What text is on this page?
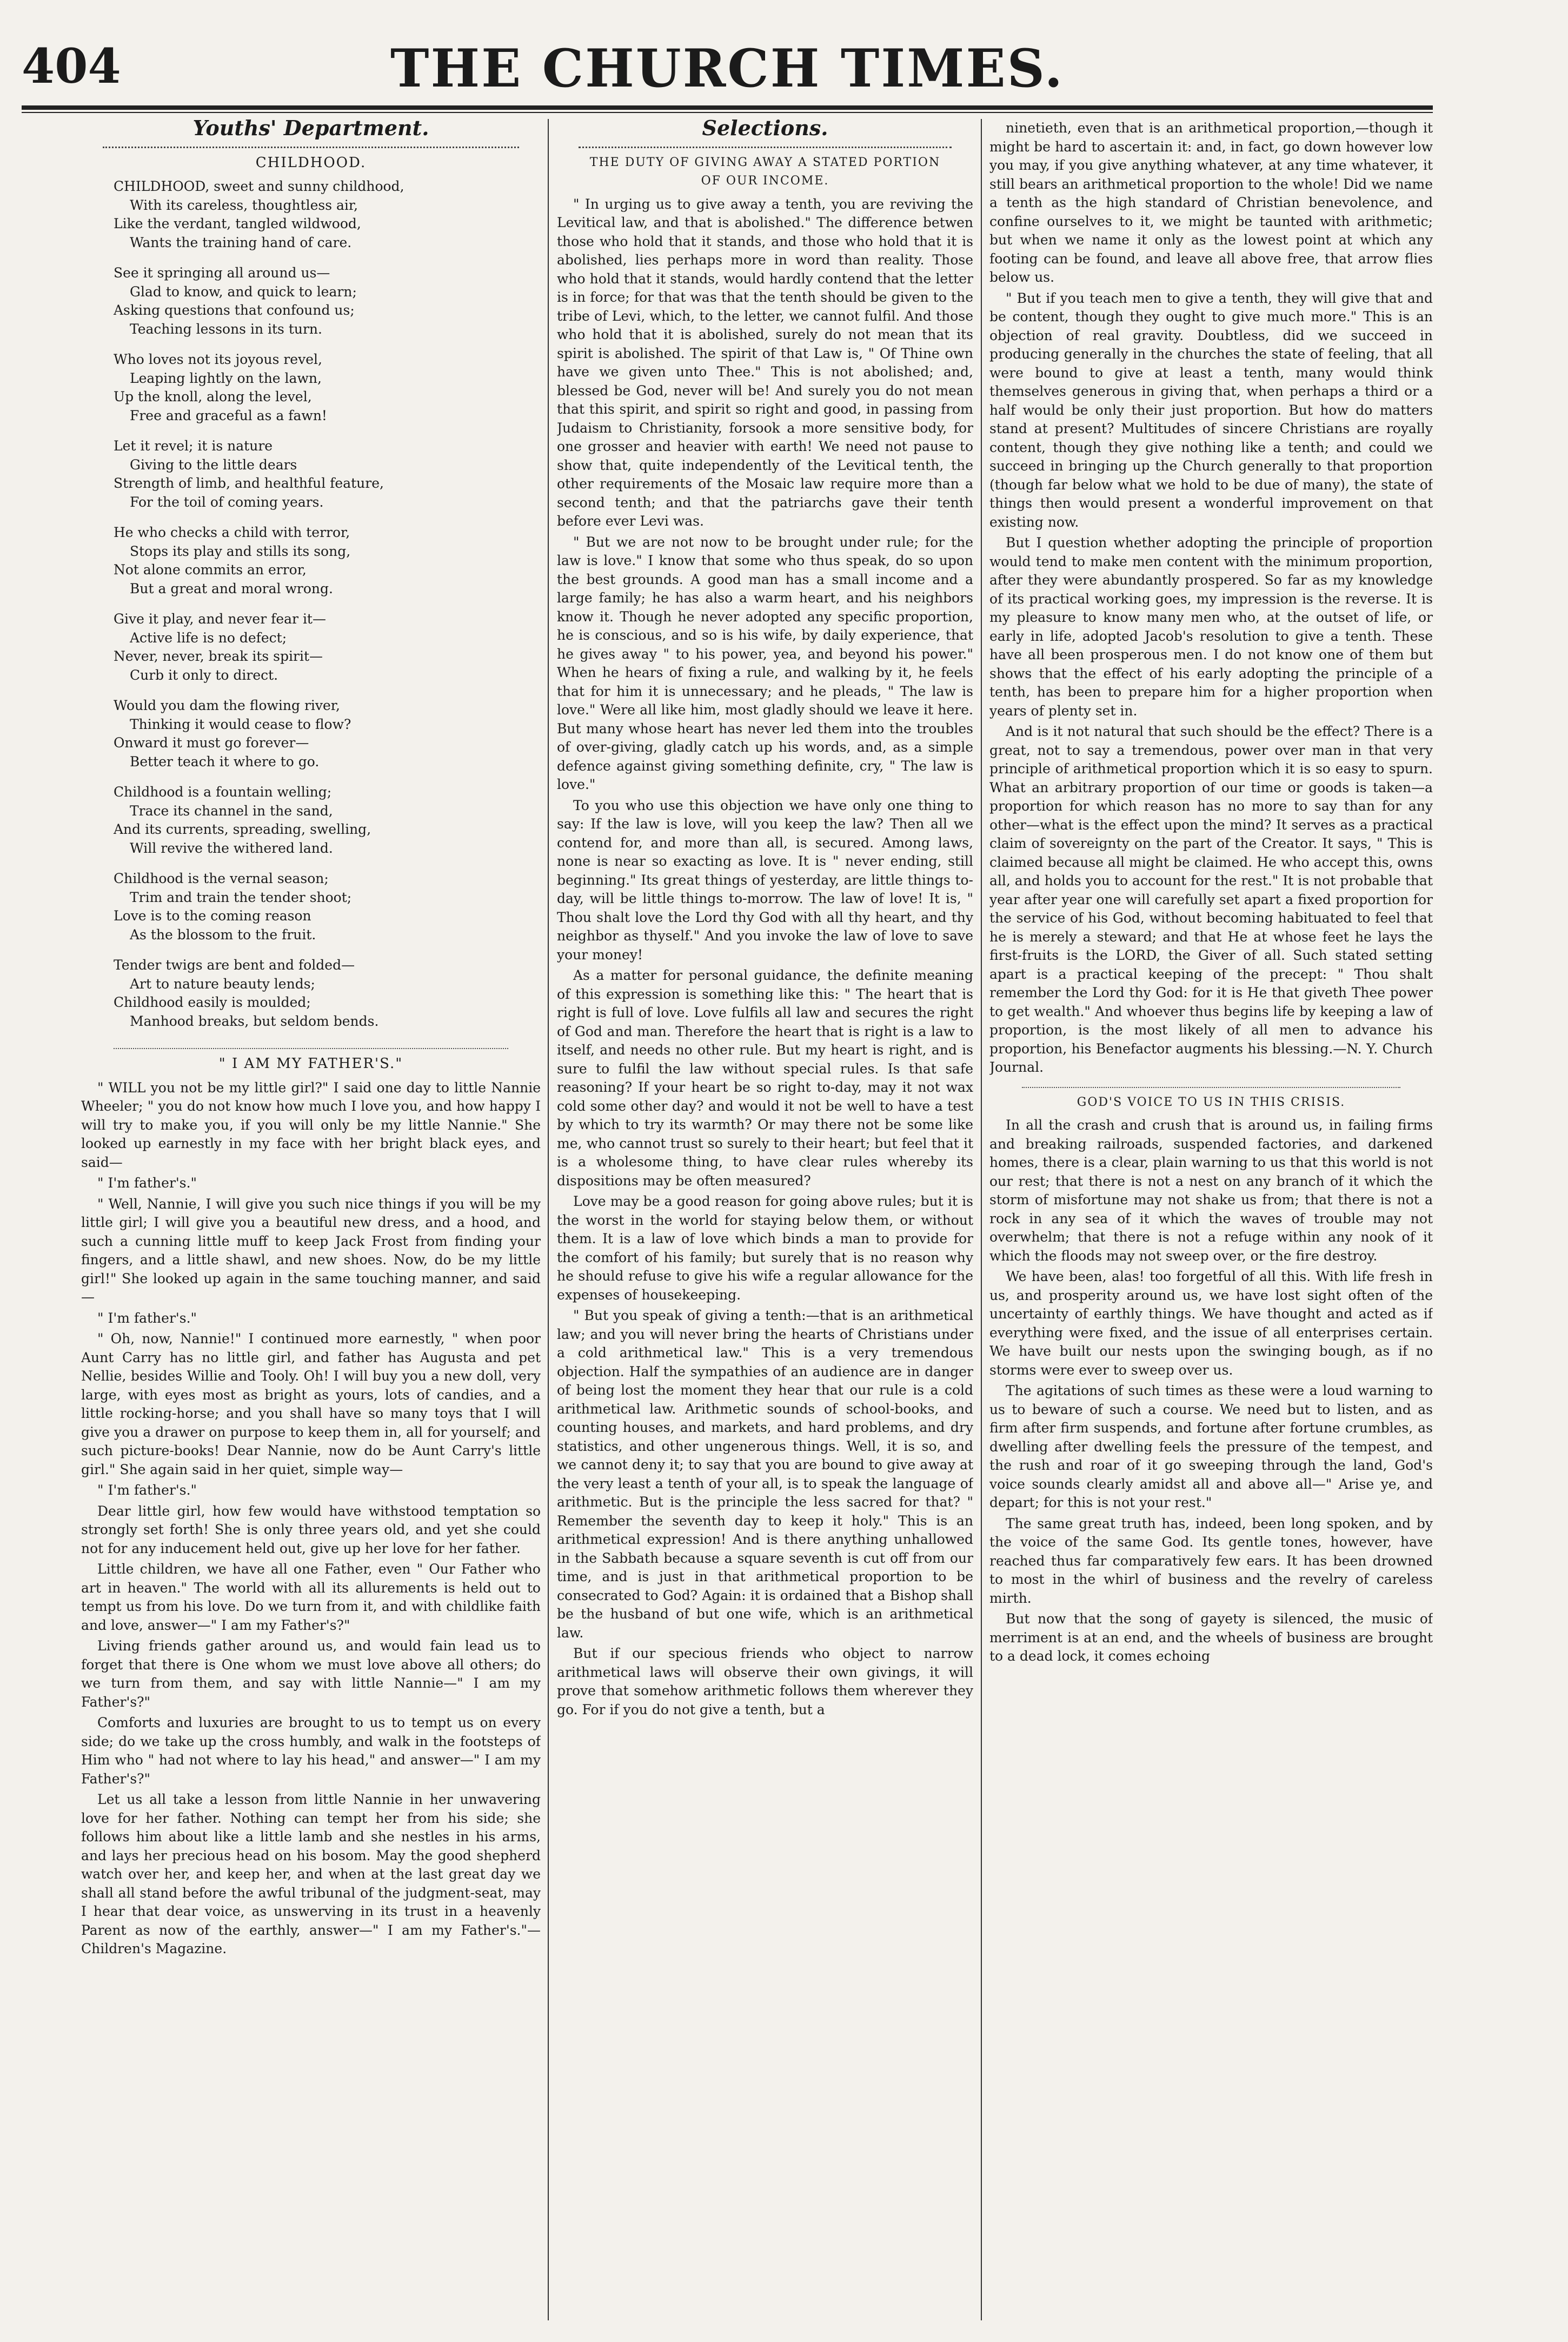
404	THE CHURCH TIMES.
Youths' Department.
CHILDHOOD.
CHILDHOOD, sweet and sunny childhood,
With its careless, thoughtless air,
Like the verdant, tangled wildwood,
Wants the training hand of care.
See it springing all around us—
Glad to know, and quick to learn;
Asking questions that confound us;
Teaching lessons in its turn.
Who loves not its joyous revel,
Leaping lightly on the lawn,
Up the knoll, along the level,
Free and graceful as a fawn!
Let it revel; it is nature
Giving to the little dears
Strength of limb, and healthful feature,
For the toil of coming years.
He who checks a child with terror,
Stops its play and stills its song,
Not alone commits an error,
But a great and moral wrong.
Give it play, and never fear it—
Active life is no defect;
Never, never, break its spirit—
Curb it only to direct.
Would you dam the flowing river,
Thinking it would cease to flow?
Onward it must go forever—
Better teach it where to go.
Childhood is a fountain welling;
Trace its channel in the sand,
And its currents, spreading, swelling,
Will revive the withered land.
Childhood is the vernal season;
Trim and train the tender shoot;
Love is to the coming reason
As the blossom to the fruit.
Tender twigs are bent and folded—
Art to nature beauty lends;
Childhood easily is moulded;
Manhood breaks, but seldom bends.
" I AM MY FATHER'S."

" WILL you not be my little girl?" I said one day to little Nannie Wheeler; " you do not know how much I love you, and how happy I will try to make you, if you will only be my little Nannie." She looked up earnestly in my face with her bright black eyes, and said—

" I'm father's."

" Well, Nannie, I will give you such nice things if you will be my little girl; I will give you a beautiful new dress, and a hood, and such a cunning little muff to keep Jack Frost from finding your fingers, and a little shawl, and new shoes. Now, do be my little girl!" She looked up again in the same touching manner, and said—

" I'm father's."

" Oh, now, Nannie!" I continued more earnestly, " when poor Aunt Carry has no little girl, and father has Augusta and pet Nellie, besides Willie and Tooly. Oh! I will buy you a new doll, very large, with eyes most as bright as yours, lots of candies, and a little rocking-horse; and you shall have so many toys that I will give you a drawer on purpose to keep them in, all for yourself; and such picture-books! Dear Nannie, now do be Aunt Carry's little girl." She again said in her quiet, simple way—

" I'm father's."

Dear little girl, how few would have withstood temptation so strongly set forth! She is only three years old, and yet she could not for any inducement held out, give up her love for her father.

Little children, we have all one Father, even " Our Father who art in heaven." The world with all its allurements is held out to tempt us from his love. Do we turn from it, and with childlike faith and love, answer—" I am my Father's?"

Living friends gather around us, and would fain lead us to forget that there is One whom we must love above all others; do we turn from them, and say with little Nannie—" I am my Father's?"

Comforts and luxuries are brought to us to tempt us on every side; do we take up the cross humbly, and walk in the footsteps of Him who " had not where to lay his head," and answer—" I am my Father's?"

Let us all take a lesson from little Nannie in her unwavering love for her father. Nothing can tempt her from his side; she follows him about like a little lamb and she nestles in his arms, and lays her precious head on his bosom. May the good shepherd watch over her, and keep her, and when at the last great day we shall all stand before the awful tribunal of the judgment-seat, may I hear that dear voice, as unswerving in its trust in a heavenly Parent as now of the earthly, answer—" I am my Father's."—Children's Magazine.

Selections.
THE DUTY OF GIVING AWAY A STATED PORTION
OF OUR INCOME.

" In urging us to give away a tenth, you are reviving the Levitical law, and that is abolished." The difference betwen those who hold that it stands, and those who hold that it is abolished, lies perhaps more in word than reality. Those who hold that it stands, would hardly contend that the letter is in force; for that was that the tenth should be given to the tribe of Levi, which, to the letter, we cannot fulfil. And those who hold that it is abolished, surely do not mean that its spirit is abolished. The spirit of that Law is, " Of Thine own have we given unto Thee." This is not abolished; and, blessed be God, never will be! And surely you do not mean that this spirit, and spirit so right and good, in passing from Judaism to Christianity, forsook a more sensitive body, for one grosser and heavier with earth! We need not pause to show that, quite independently of the Levitical tenth, the other requirements of the Mosaic law require more than a second tenth; and that the patriarchs gave their tenth before ever Levi was.

" But we are not now to be brought under rule; for the law is love." I know that some who thus speak, do so upon the best grounds. A good man has a small income and a large family; he has also a warm heart, and his neighbors know it. Though he never adopted any specific proportion, he is conscious, and so is his wife, by daily experience, that he gives away " to his power, yea, and beyond his power." When he hears of fixing a rule, and walking by it, he feels that for him it is unnecessary; and he pleads, " The law is love." Were all like him, most gladly should we leave it here. But many whose heart has never led them into the troubles of over-giving, gladly catch up his words, and, as a simple defence against giving something definite, cry, " The law is love."

To you who use this objection we have only one thing to say: If the law is love, will you keep the law? Then all we contend for, and more than all, is secured. Among laws, none is near so exacting as love. It is " never ending, still beginning." Its great things of yesterday, are little things to-day, will be little things to-morrow. The law of love! It is, " Thou shalt love the Lord thy God with all thy heart, and thy neighbor as thyself." And you invoke the law of love to save your money!

As a matter for personal guidance, the definite meaning of this expression is something like this: " The heart that is right is full of love. Love fulfils all law and secures the right of God and man. Therefore the heart that is right is a law to itself, and needs no other rule. But my heart is right, and is sure to fulfil the law without special rules. Is that safe reasoning? If your heart be so right to-day, may it not wax cold some other day? and would it not be well to have a test by which to try its warmth? Or may there not be some like me, who cannot trust so surely to their heart; but feel that it is a wholesome thing, to have clear rules whereby its dispositions may be often measured?

Love may be a good reason for going above rules; but it is the worst in the world for staying below them, or without them. It is a law of love which binds a man to provide for the comfort of his family; but surely that is no reason why he should refuse to give his wife a regular allowance for the expenses of housekeeping.

" But you speak of giving a tenth:—that is an arithmetical law; and you will never bring the hearts of Christians under a cold arithmetical law." This is a very tremendous objection. Half the sympathies of an audience are in danger of being lost the moment they hear that our rule is a cold arithmetical law. Arithmetic sounds of school-books, and counting houses, and markets, and hard problems, and dry statistics, and other ungenerous things. Well, it is so, and we cannot deny it; to say that you are bound to give away at the very least a tenth of your all, is to speak the language of arithmetic. But is the principle the less sacred for that? " Remember the seventh day to keep it holy." This is an arithmetical expression! And is there anything unhallowed in the Sabbath because a square seventh is cut off from our time, and is just in that arithmetical proportion to be consecrated to God? Again: it is ordained that a Bishop shall be the husband of but one wife, which is an arithmetical law.

But if our specious friends who object to narrow arithmetical laws will observe their own givings, it will prove that somehow arithmetic follows them wherever they go. For if you do not give a tenth, but a

ninetieth, even that is an arithmetical proportion,—though it might be hard to ascertain it: and, in fact, go down however low you may, if you give anything whatever, at any time whatever, it still bears an arithmetical proportion to the whole! Did we name a tenth as the high standard of Christian benevolence, and confine ourselves to it, we might be taunted with arithmetic; but when we name it only as the lowest point at which any footing can be found, and leave all above free, that arrow flies below us.

" But if you teach men to give a tenth, they will give that and be content, though they ought to give much more." This is an objection of real gravity. Doubtless, did we succeed in producing generally in the churches the state of feeling, that all were bound to give at least a tenth, many would think themselves generous in giving that, when perhaps a third or a half would be only their just proportion. But how do matters stand at present? Multitudes of sincere Christians are royally content, though they give nothing like a tenth; and could we succeed in bringing up the Church generally to that proportion (though far below what we hold to be due of many), the state of things then would present a wonderful improvement on that existing now.

But I question whether adopting the principle of proportion would tend to make men content with the minimum proportion, after they were abundantly prospered. So far as my knowledge of its practical working goes, my impression is the reverse. It is my pleasure to know many men who, at the outset of life, or early in life, adopted Jacob's resolution to give a tenth. These have all been prosperous men. I do not know one of them but shows that the effect of his early adopting the principle of a tenth, has been to prepare him for a higher proportion when years of plenty set in.

And is it not natural that such should be the effect? There is a great, not to say a tremendous, power over man in that very principle of arithmetical proportion which it is so easy to spurn. What an arbitrary proportion of our time or goods is taken—a proportion for which reason has no more to say than for any other—what is the effect upon the mind? It serves as a practical claim of sovereignty on the part of the Creator. It says, " This is claimed because all might be claimed. He who accept this, owns all, and holds you to account for the rest." It is not probable that year after year one will carefully set apart a fixed proportion for the service of his God, without becoming habituated to feel that he is merely a steward; and that He at whose feet he lays the first-fruits is the LORD, the Giver of all. Such stated setting apart is a practical keeping of the precept: " Thou shalt remember the Lord thy God: for it is He that giveth Thee power to get wealth." And whoever thus begins life by keeping a law of proportion, is the most likely of all men to advance his proportion, his Benefactor augments his blessing.—N. Y. Church Journal.

GOD'S VOICE TO US IN THIS CRISIS.

In all the crash and crush that is around us, in failing firms and breaking railroads, suspended factories, and darkened homes, there is a clear, plain warning to us that this world is not our rest; that there is not a nest on any branch of it which the storm of misfortune may not shake us from; that there is not a rock in any sea of it which the waves of trouble may not overwhelm; that there is not a refuge within any nook of it which the floods may not sweep over, or the fire destroy.

We have been, alas! too forgetful of all this. With life fresh in us, and prosperity around us, we have lost sight often of the uncertainty of earthly things. We have thought and acted as if everything were fixed, and the issue of all enterprises certain. We have built our nests upon the swinging bough, as if no storms were ever to sweep over us.

The agitations of such times as these were a loud warning to us to beware of such a course. We need but to listen, and as firm after firm suspends, and fortune after fortune crumbles, as dwelling after dwelling feels the pressure of the tempest, and the rush and roar of it go sweeping through the land, God's voice sounds clearly amidst all and above all—" Arise ye, and depart; for this is not your rest."

The same great truth has, indeed, been long spoken, and by the voice of the same God. Its gentle tones, however, have reached thus far comparatively few ears. It has been drowned to most in the whirl of business and the revelry of careless mirth.

But now that the song of gayety is silenced, the music of merriment is at an end, and the wheels of business are brought to a dead lock, it comes echoing
